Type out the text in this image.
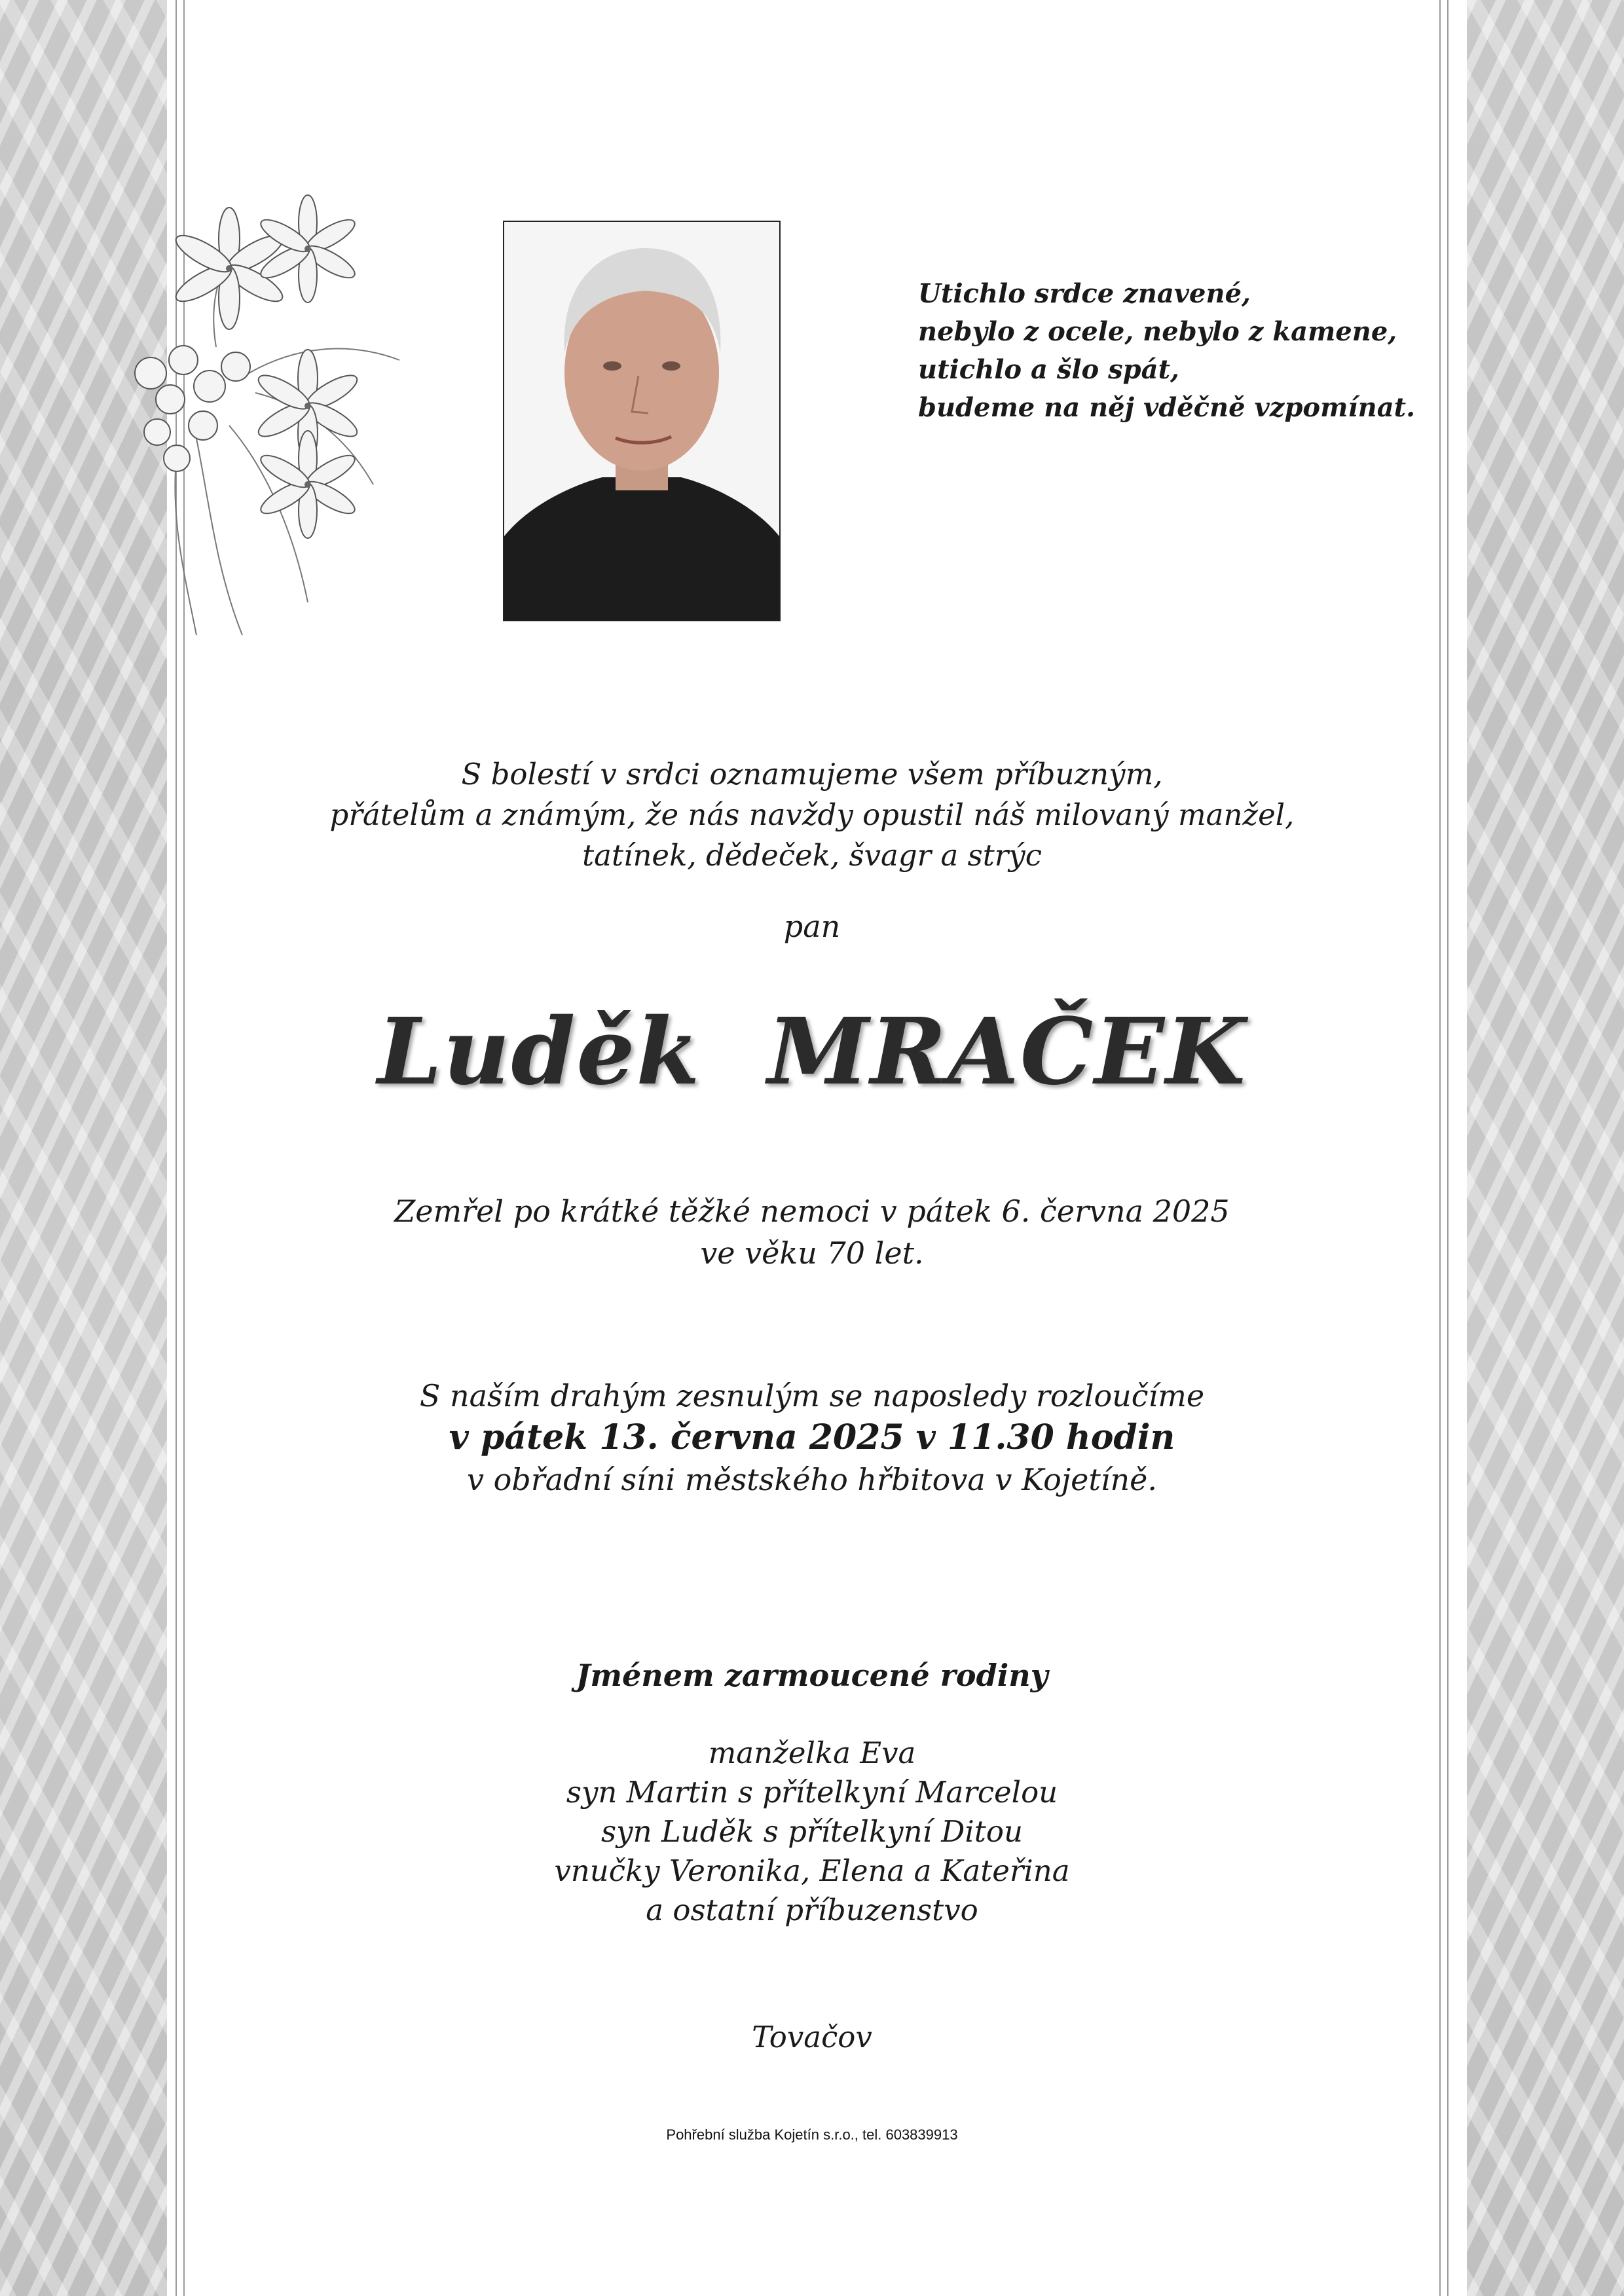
Utichlo srdce znavené,
nebylo z ocele, nebylo z kamene,
utichlo a šlo spát,
budeme na něj vděčně vzpomínat.
S bolestí v srdci oznamujeme všem příbuzným,
přátelům a známým, že nás navždy opustil náš milovaný manžel,
tatínek, dědeček, švagr a strýc
pan
Luděk  MRAČEK
Zemřel po krátké těžké nemoci v pátek 6. června 2025
ve věku 70 let.
S naším drahým zesnulým se naposledy rozloučíme
v pátek 13. června 2025 v 11.30 hodin
v obřadní síni městského hřbitova v Kojetíně.
Jménem zarmoucené rodiny
manželka Eva
syn Martin s přítelkyní Marcelou
syn Luděk s přítelkyní Ditou
vnučky Veronika, Elena a Kateřina
a ostatní příbuzenstvo
Tovačov
Pohřební služba Kojetín s.r.o., tel. 603839913
